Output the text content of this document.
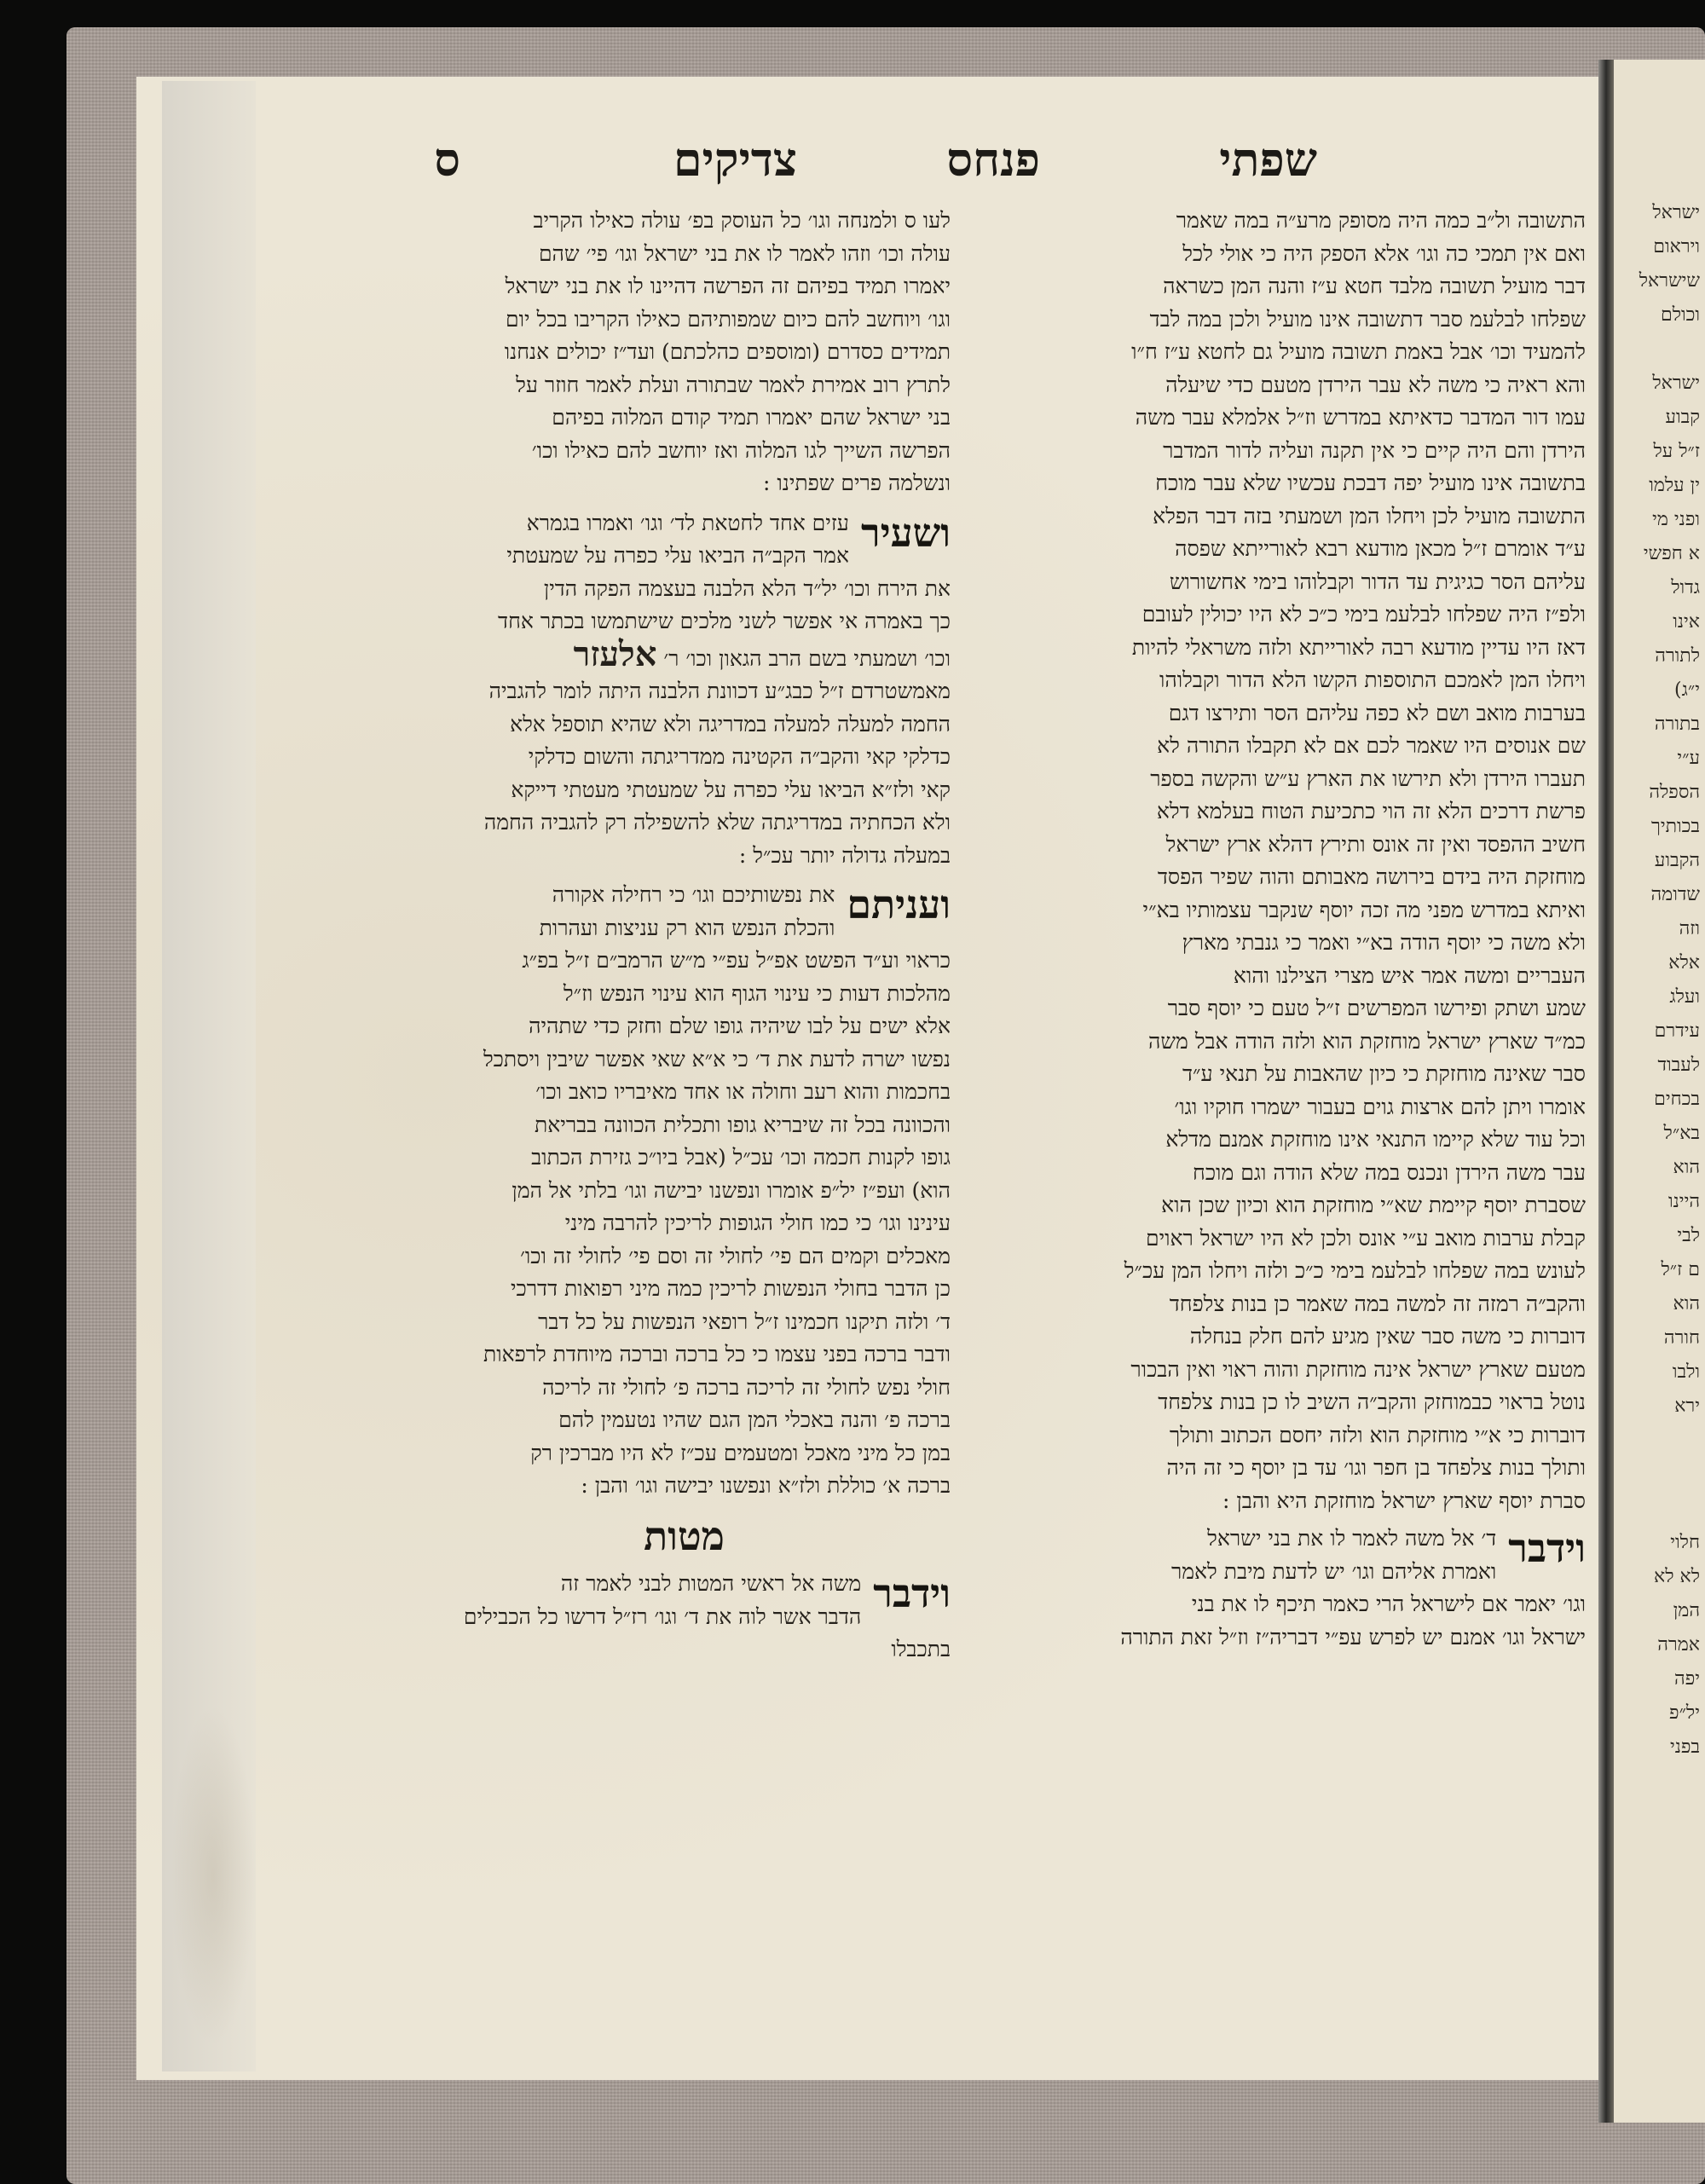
ישראל
ויראום
שישראל
וכולם

ישראל
קבוע
ז״ל על
ין עלמו
ופני מי
א חפשי
גדול
אינו
לתורה
י״ג)
בתורה
ע״י
הספלה
בכותיך
הקבוע
שדומה
וזה
אלא
ועלג
עידרם
לעבוד
בכחים
בא״ל
הוא
היינו
לבי
ם ז״ל
הוא
חורה
ולבו
ירא

חלוי
לא לא
המן
אמרה
יפה
יל״פ
בפני
שפתי
פנחס
צדיקים
ס

התשובה ול״ב כמה היה מסופק מרע״ה במה שאמר

ואם אין תמכי כה וגו׳ אלא הספק היה כי אולי לכל

דבר מועיל תשובה מלבד חטא ע״ז והנה המן כשראה

שפלחו לבלעמ סבר דתשובה אינו מועיל ולכן במה לבד

להמעיד וכו׳ אבל באמת תשובה מועיל גם לחטא ע״ז ח״ו

והא ראיה כי משה לא עבר הירדן מטעם כדי שיעלה

עמו דור המדבר כדאיתא במדרש וז״ל אלמלא עבר משה

הירדן והם היה קיים כי אין תקנה ועליה לדור המדבר

בתשובה אינו מועיל יפה דבכת עכשיו שלא עבר מוכח

התשובה מועיל לכן ויחלו המן ושמעתי בזה דבר הפלא

ע״ד אומרם ז״ל מכאן מודעא רבא לאורייתא שפסה

עליהם הסר כגיגית עד הדור וקבלוהו בימי אחשורוש

ולפ״ז היה שפלחו לבלעמ בימי כ״כ לא היו יכולין לעובם

דאז היו עדיין מודעא רבה לאורייתא ולזה משראלי להיות

ויחלו המן לאמכם התוספות הקשו הלא הדור וקבלוהו

בערבות מואב ושם לא כפה עליהם הסר ותירצו דגם

שם אנוסים היו שאמר לכם אם לא תקבלו התורה לא

תעברו הירדן ולא תירשו את הארץ ע״ש והקשה בספר

פרשת דרכים הלא זה הוי כתכיעת הטוח בעלמא דלא

חשיב ההפסד ואין זה אונס ותירץ דהלא ארץ ישראל

מוחזקת היה בידם בירושה מאבותם והוה שפיר הפסד

ואיתא במדרש מפני מה זכה יוסף שנקבר עצמותיו בא״י

ולא משה כי יוסף הודה בא״י ואמר כי גנבתי מארץ

העבריים ומשה אמר איש מצרי הצילנו והוא

שמע ושתק ופירשו המפרשים ז״ל טעם כי יוסף סבר

כמ״ד שארץ ישראל מוחזקת הוא ולזה הודה אבל משה

סבר שאינה מוחזקת כי כיון שהאבות על תנאי ע״ד

אומרו ויתן להם ארצות גוים בעבור ישמרו חוקיו וגו׳

וכל עוד שלא קיימו התנאי אינו מוחזקת אמנם מדלא

עבר משה הירדן ונכנס במה שלא הודה וגם מוכח

שסברת יוסף קיימת שא״י מוחזקת הוא וכיון שכן הוא

קבלת ערבות מואב ע״י אונס ולכן לא היו ישראל ראוים

לעונש במה שפלחו לבלעמ בימי כ״כ ולזה ויחלו המן עכ״ל

והקב״ה רמזה זה למשה במה שאמר כן בנות צלפחד

דוברות כי משה סבר שאין מגיע להם חלק בנחלה

מטעם שארץ ישראל אינה מוחזקת והוה ראוי ואין הבכור

נוטל בראוי כבמוחזק והקב״ה השיב לו כן בנות צלפחד

דוברות כי א״י מוחזקת הוא ולזה יחסם הכתוב ותולך

ותולך בנות צלפחד בן חפר וגו׳ עד בן יוסף כי זה היה

סברת יוסף שארץ ישראל מוחזקת היא והבן :

וידבר

ד׳ אל משה לאמר לו את בני ישראל

ואמרת אליהם וגו׳ יש לדעת מיבת לאמר

וגו׳ יאמר אם לישראל הרי כאמר תיכף לו את בני

ישראל וגו׳ אמנם יש לפרש עפ״י דבריה״ז וז״ל זאת התורה

לעו ס ולמנחה וגו׳ כל העוסק בפ׳ עולה כאילו הקריב

עולה וכו׳ וזהו לאמר לו את בני ישראל וגו׳ פי׳ שהם

יאמרו תמיד בפיהם זה הפרשה דהיינו לו את בני ישראל

וגו׳ ויוחשב להם כיום שמפותיהם כאילו הקריבו בכל יום

תמידים כסדרם (ומוספים כהלכתם) ועד״ז יכולים אנחנו

לתרץ רוב אמירת לאמר שבתורה ועלת לאמר חוזר על

בני ישראל שהם יאמרו תמיד קודם המלוה בפיהם

הפרשה השייך לגו המלוה ואז יוחשב להם כאילו וכו׳

ונשלמה פרים שפתינו :

ושעיר

עזים אחד לחטאת לד׳ וגו׳ ואמרו בגמרא

אמר הקב״ה הביאו עלי כפרה על שמעטתי

את הירח וכו׳ יל״ד הלא הלבנה בעצמה הפקה הדין

כך באמרה אי אפשר לשני מלכים שישתמשו בכתר אחד

וכו׳ ושמעתי בשם הרב הגאון וכו׳ ר׳ אלעזר

מאמשטרדם ז״ל כבג״ע דכוונת הלבנה היתה לומר להגביה

החמה למעלה למעלה במדריגה ולא שהיא תוספל אלא

כדלקי קאי והקב״ה הקטינה ממדריגתה והשום כדלקי

קאי ולז״א הביאו עלי כפרה על שמעטתי מעטתי דייקא

ולא הכחתיה במדריגתה שלא להשפילה רק להגביה החמה

במעלה גדולה יותר עכ״ל :

ועניתם

את נפשותיכם וגו׳ כי רחילה אקורה

והכלת הנפש הוא רק עניצות ועהרות

כראוי וע״ד הפשט אפ״ל עפ״י מ״ש הרמב״ם ז״ל בפ״ג

מהלכות דעות כי עינוי הגוף הוא עינוי הנפש וז״ל

אלא ישים על לבו שיהיה גופו שלם וחזק כדי שתהיה

נפשו ישרה לדעת את ד׳ כי א״א שאי אפשר שיבין ויסתכל

בחכמות והוא רעב וחולה או אחד מאיבריו כואב וכו׳

והכוונה בכל זה שיבריא גופו ותכלית הכוונה בבריאת

גופו לקנות חכמה וכו׳ עכ״ל (אבל ביו״כ גזירת הכתוב

הוא) ועפ״ז יל״פ אומרו ונפשנו יבישה וגו׳ בלתי אל המן

עינינו וגו׳ כי כמו חולי הגופות לריכין להרבה מיני

מאכלים וקמים הם פי׳ לחולי זה וסם פי׳ לחולי זה וכו׳

כן הדבר בחולי הנפשות לריכין כמה מיני רפואות דדרכי

ד׳ ולזה תיקנו חכמינו ז״ל רופאי הנפשות על כל דבר

ודבר ברכה בפני עצמו כי כל ברכה וברכה מיוחדת לרפאות

חולי נפש לחולי זה לריכה ברכה פ׳ לחולי זה לריכה

ברכה פ׳ והנה באכלי המן הגם שהיו נטעמין להם

במן כל מיני מאכל ומטעמים עכ״ז לא היו מברכין רק

ברכה א׳ כוללת ולז״א ונפשנו יבישה וגו׳ והבן :

מטות
וידבר

משה אל ראשי המטות לבני לאמר זה

הדבר אשר לוה את ד׳ וגו׳ רז״ל דרשו כל הכבילים

בתכבלו
